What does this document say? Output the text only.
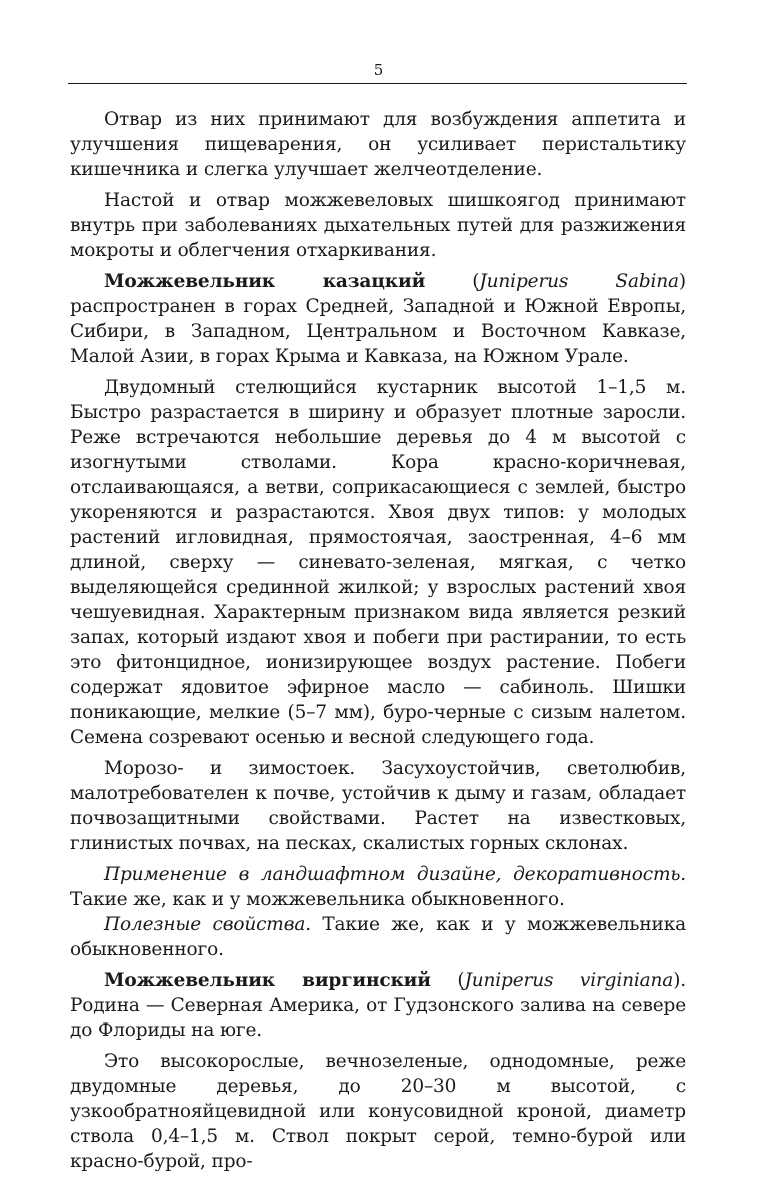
5

Отвар из них принимают для возбуждения аппетита и улучшения пищеварения, он усиливает перистальтику кишечника и слегка улучшает желчеотделение.

Настой и отвар можжевеловых шишкоягод принимают внутрь при заболеваниях дыхательных путей для разжижения мокроты и облегчения отхаркивания.

Можжевельник казацкий (Juniperus Sabina) распространен в горах Средней, Западной и Южной Европы, Сибири, в Западном, Центральном и Восточном Кавказе, Малой Азии, в горах Крыма и Кавказа, на Южном Урале.

Двудомный стелющийся кустарник высотой 1–1,5 м. Быстро разрастается в ширину и образует плотные заросли. Реже встречаются небольшие деревья до 4 м высотой с изогнутыми стволами. Кора красно-коричневая, отслаивающаяся, а ветви, соприкасающиеся с землей, быстро укореняются и разрастаются. Хвоя двух типов: у молодых растений игловидная, прямостоячая, заостренная, 4–6 мм длиной, сверху — синевато-зеленая, мягкая, с четко выделяющейся срединной жилкой; у взрослых растений хвоя чешуевидная. Характерным признаком вида является резкий запах, который издают хвоя и побеги при растирании, то есть это фитонцидное, ионизирующее воздух растение. Побеги содержат ядовитое эфирное масло — сабиноль. Шишки поникающие, мелкие (5–7 мм), буро-черные с сизым налетом. Семена созревают осенью и весной следующего года.

Морозо- и зимостоек. Засухоустойчив, светолюбив, малотребователен к почве, устойчив к дыму и газам, обладает почвозащитными свойствами. Растет на известковых, глинистых почвах, на песках, скалистых горных склонах.

Применение в ландшафтном дизайне, декоративность. Такие же, как и у можжевельника обыкновенного.

Полезные свойства. Такие же, как и у можжевельника обыкновенного.

Можжевельник виргинский (Juniperus virginiana). Родина — Северная Америка, от Гудзонского залива на севере до Флориды на юге.

Это высокорослые, вечнозеленые, однодомные, реже двудомные деревья, до 20–30 м высотой, с узкообратнояйцевидной или конусовидной кроной, диаметр ствола 0,4–1,5 м. Ствол покрыт серой, темно-бурой или красно-бурой, про-
